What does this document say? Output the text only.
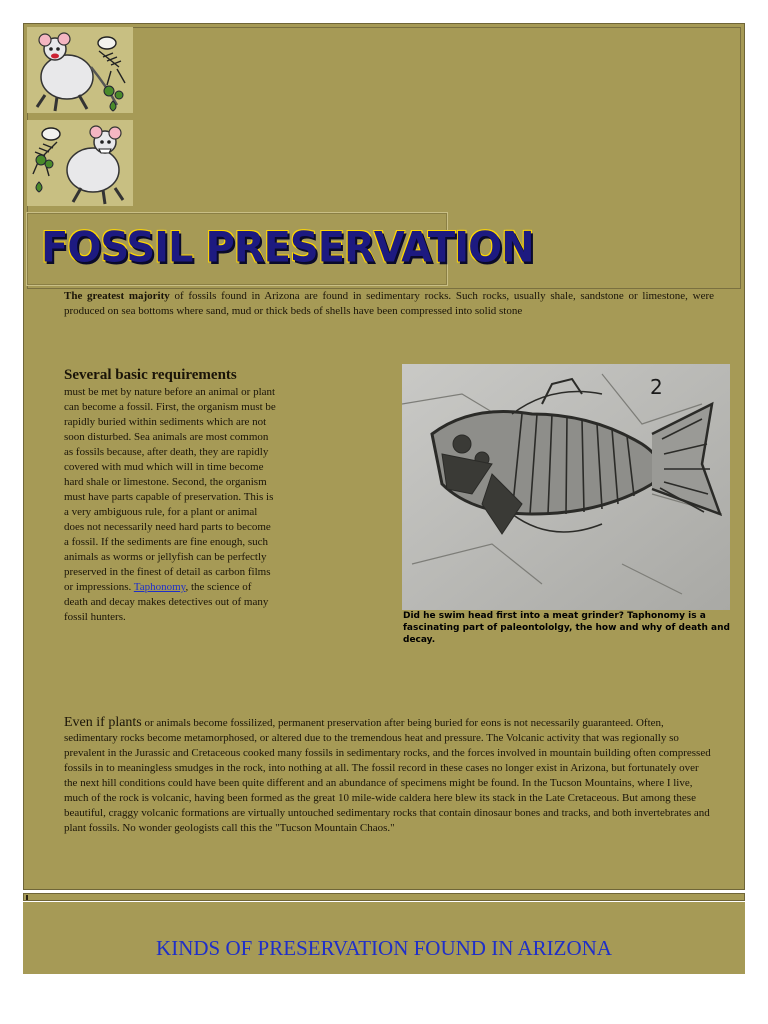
FOSSIL PRESERVATION
The greatest majority of fossils found in Arizona are found in sedimentary rocks. Such rocks, usually shale, sandstone or limestone, were produced on sea bottoms where sand, mud or thick beds of shells have been compressed into solid stone
Several basic requirements
must be met by nature before an animal or plant can become a fossil. First, the organism must be rapidly buried within sediments which are not soon disturbed. Sea animals are most common as fossils because, after death, they are rapidly covered with mud which will in time become hard shale or limestone. Second, the organism must have parts capable of preservation. This is a very ambiguous rule, for a plant or animal does not necessarily need hard parts to become a fossil. If the sediments are fine enough, such animals as worms or jellyfish can be perfectly preserved in the finest of detail as carbon films or impressions. Taphonomy, the science of death and decay makes detectives out of many fossil hunters.
2
Did he swim head first into a meat grinder? Taphonomy is a fascinating part of paleontololgy, the how and why of death and decay.
Even if plants or animals become fossilized, permanent preservation after being buried for eons is not necessarily guaranteed. Often, sedimentary rocks become metamorphosed, or altered due to the tremendous heat and pressure. The Volcanic activity that was regionally so prevalent in the Jurassic and Cretaceous cooked many fossils in sedimentary rocks, and the forces involved in mountain building often compressed fossils in to meaningless smudges in the rock, into nothing at all. The fossil record in these cases no longer exist in Arizona, but fortunately over the next hill conditions could have been quite different and an abundance of specimens might be found. In the Tucson Mountains, where I live, much of the rock is volcanic, having been formed as the great 10 mile-wide caldera here blew its stack in the Late Cretaceous. But among these beautiful, craggy volcanic formations are virtually untouched sedimentary rocks that contain dinosaur bones and tracks, and both invertebrates and plant fossils. No wonder geologists call this the "Tucson Mountain Chaos."
KINDS OF PRESERVATION FOUND IN ARIZONA
